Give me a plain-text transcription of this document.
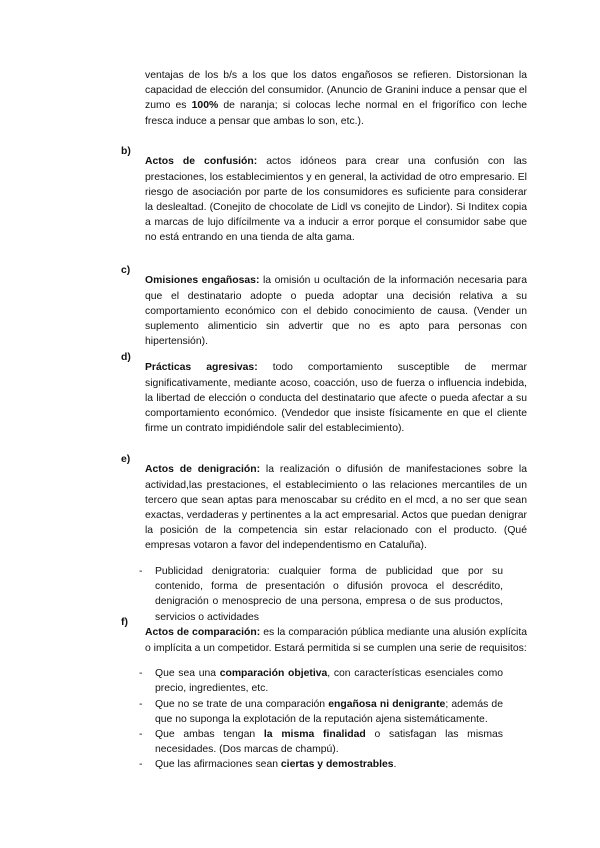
ventajas de los b/s a los que los datos engañosos se refieren. Distorsionan la capacidad de elección del consumidor. (Anuncio de Granini induce a pensar que el zumo es 100% de naranja; si colocas leche normal en el frigorífico con leche fresca induce a pensar que ambas lo son, etc.).

b)

Actos de confusión: actos idóneos para crear una confusión con las prestaciones, los establecimientos y en general, la actividad de otro empresario. El riesgo de asociación por parte de los consumidores es suficiente para considerar la deslealtad. (Conejito de chocolate de Lidl vs conejito de Lindor). Si Inditex copia a marcas de lujo difícilmente va a inducir a error porque el consumidor sabe que no está entrando en una tienda de alta gama.

c)

Omisiones engañosas: la omisión u ocultación de la información necesaria para que el destinatario adopte o pueda adoptar una decisión relativa a su comportamiento económico con el debido conocimiento de causa. (Vender un suplemento alimenticio sin advertir que no es apto para personas con hipertensión).

d)

Prácticas agresivas: todo comportamiento susceptible de mermar significativamente, mediante acoso, coacción, uso de fuerza o influencia indebida, la libertad de elección o conducta del destinatario que afecte o pueda afectar a su comportamiento económico. (Vendedor que insiste físicamente en que el cliente firme un contrato impidiéndole salir del establecimiento).

e)

Actos de denigración: la realización o difusión de manifestaciones sobre la actividad,las prestaciones, el establecimiento o las relaciones mercantiles de un tercero que sean aptas para menoscabar su crédito en el mcd, a no ser que sean exactas, verdaderas y pertinentes a la act empresarial. Actos que puedan denigrar la posición de la competencia sin estar relacionado con el producto. (Qué empresas votaron a favor del independentismo en Cataluña).

- Publicidad denigratoria: cualquier forma de publicidad que por su contenido, forma de presentación o difusión provoca el descrédito, denigración o menosprecio de una persona, empresa o de sus productos, servicios o actividades
f)

Actos de comparación: es la comparación pública mediante una alusión explícita o implícita a un competidor. Estará permitida si se cumplen una serie de requisitos:

- Que sea una comparación objetiva, con características esenciales como precio, ingredientes, etc.
- Que no se trate de una comparación engañosa ni denigrante; además de que no suponga la explotación de la reputación ajena sistemáticamente.
- Que ambas tengan la misma finalidad o satisfagan las mismas necesidades. (Dos marcas de champú).
- Que las afirmaciones sean ciertas y demostrables.
